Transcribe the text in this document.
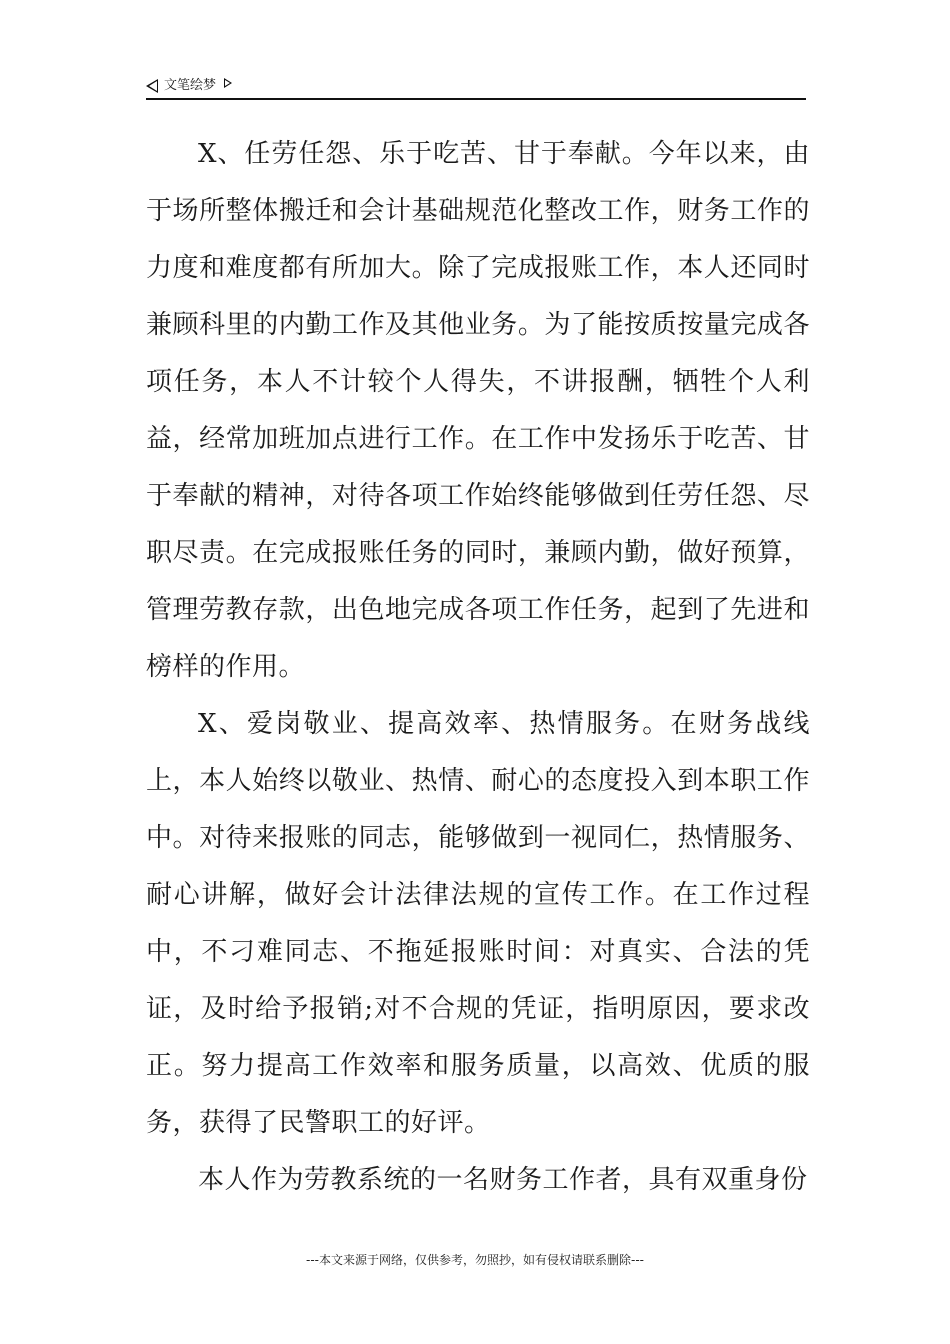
文笔绘梦

X、任劳任怨、乐于吃苦、甘于奉献。今年以来，由于场所整体搬迁和会计基础规范化整改工作，财务工作的力度和难度都有所加大。除了完成报账工作，本人还同时兼顾科里的内勤工作及其他业务。为了能按质按量完成各项任务，本人不计较个人得失，不讲报酬，牺牲个人利益，经常加班加点进行工作。在工作中发扬乐于吃苦、甘于奉献的精神，对待各项工作始终能够做到任劳任怨、尽职尽责。在完成报账任务的同时，兼顾内勤，做好预算，管理劳教存款，出色地完成各项工作任务，起到了先进和榜样的作用。

X、爱岗敬业、提高效率、热情服务。在财务战线上，本人始终以敬业、热情、耐心的态度投入到本职工作中。对待来报账的同志，能够做到一视同仁，热情服务、耐心讲解，做好会计法律法规的宣传工作。在工作过程中，不刁难同志、不拖延报账时间：对真实、合法的凭证，及时给予报销;对不合规的凭证，指明原因，要求改正。努力提高工作效率和服务质量，以高效、优质的服务，获得了民警职工的好评。

本人作为劳教系统的一名财务工作者，具有双重身份

---本文来源于网络，仅供参考，勿照抄，如有侵权请联系删除---
